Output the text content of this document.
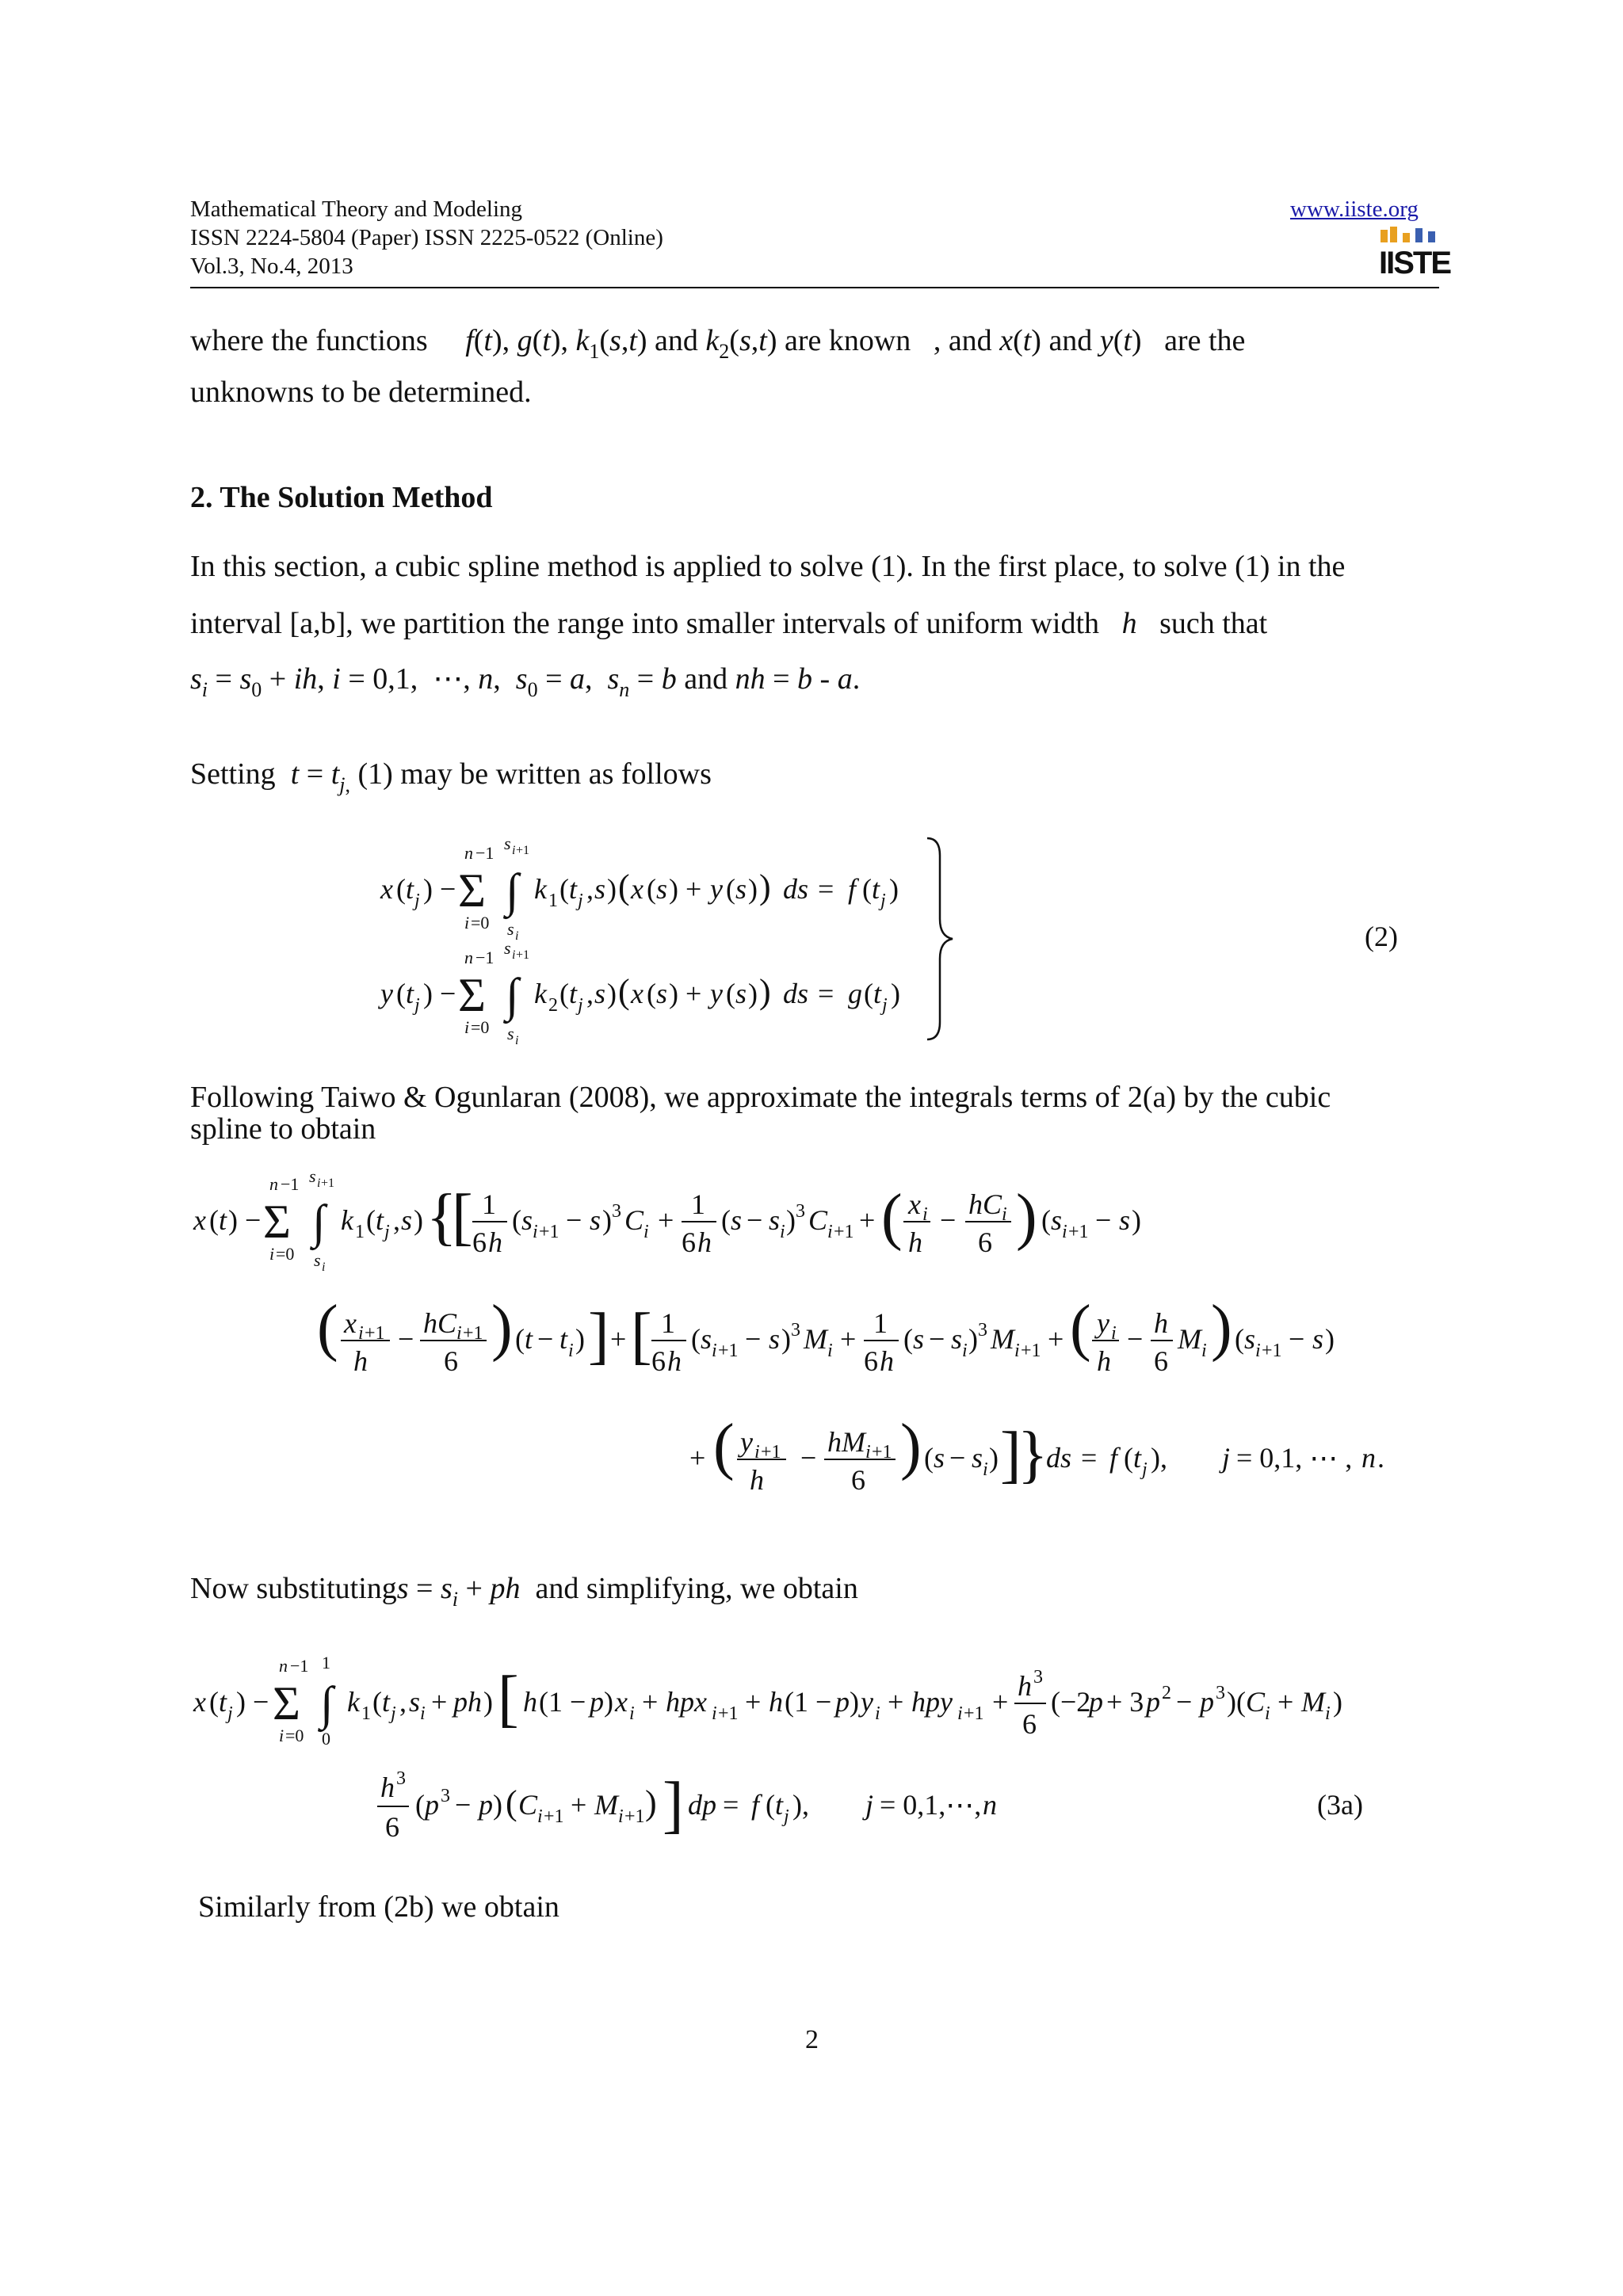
Mathematical Theory and Modeling
ISSN 2224-5804 (Paper) ISSN 2225-0522 (Online)
Vol.3, No.4, 2013
www.iiste.org
IISTE
where the functions f(t), g(t), $k_1(s,t)$ and $k_2(s,t)$ are known , and x(t) and y(t)   are the
unknowns to be determined.
2. The Solution Method
In this section, a cubic spline method is applied to solve (1). In the first place, to solve (1) in the
interval [a,b], we partition the range into smaller intervals of uniform width h such that
$s_i = s_0$ + ih, i = 0,1,  ⋯, n,  $s_0 = a$,  $s_n = b$ and nh = b - a.
Setting $t = t_{j,}$ (1) may be written as follows
x ( t j ) − Σ
n −1
i =0
∫
s i +1
s i
k 1 ( t j , s ) ( x ( s ) + y ( s ) ) ds = f ( t j )
y ( t j ) − Σ
n −1
i =0
∫
s i +1
s i
k 2 ( t j , s ) ( x ( s ) + y ( s ) ) ds = g ( t j )
(2)
Following Taiwo & Ogunlaran (2008), we approximate the integrals terms of 2(a) by the cubic
spline to obtain
x ( t ) − Σ
n −1
i =0
∫
s i +1
s i
k 1 ( t j , s ) {
[ 1
6 h
( s i +1 − s ) 3 C i + 1
6 h
( s − s i ) 3 C i +1 + ( x i
h
− hC i
6 ) ( s i +1 − s )
( x i +1
h
− hC i +1
6 ) ( t − t i ) ] + [ 1
6 h
( s i +1 − s ) 3 M i + 1
6 h
( s − s i ) 3 M i +1 + ( y i
h
− h
6
M i ) ( s i +1 − s )
+ ( y i +1
h
− hM i +1
6 ) ( s − s i ) ]
}
ds = f ( t j ), j = 0,1, ⋯ , n .
Now substitutings = $s_i$ + ph and simplifying, we obtain
x ( t j ) − Σ
n −1
i =0
∫
1
0
k 1 ( t j , s i + ph ) [ h (1 − p ) x i + hpx i +1 + h (1 − p ) y i + hpy i +1 + h 3
6
(−2
p + 3 p 2 − p 3 )( C i + M i )
h 3
6
( p 3 − p ) ( C i +1 + M i +1 ) ] dp = f ( t j ), j = 0,1,⋯, n	(3a)
Similarly from (2b) we obtain
2
